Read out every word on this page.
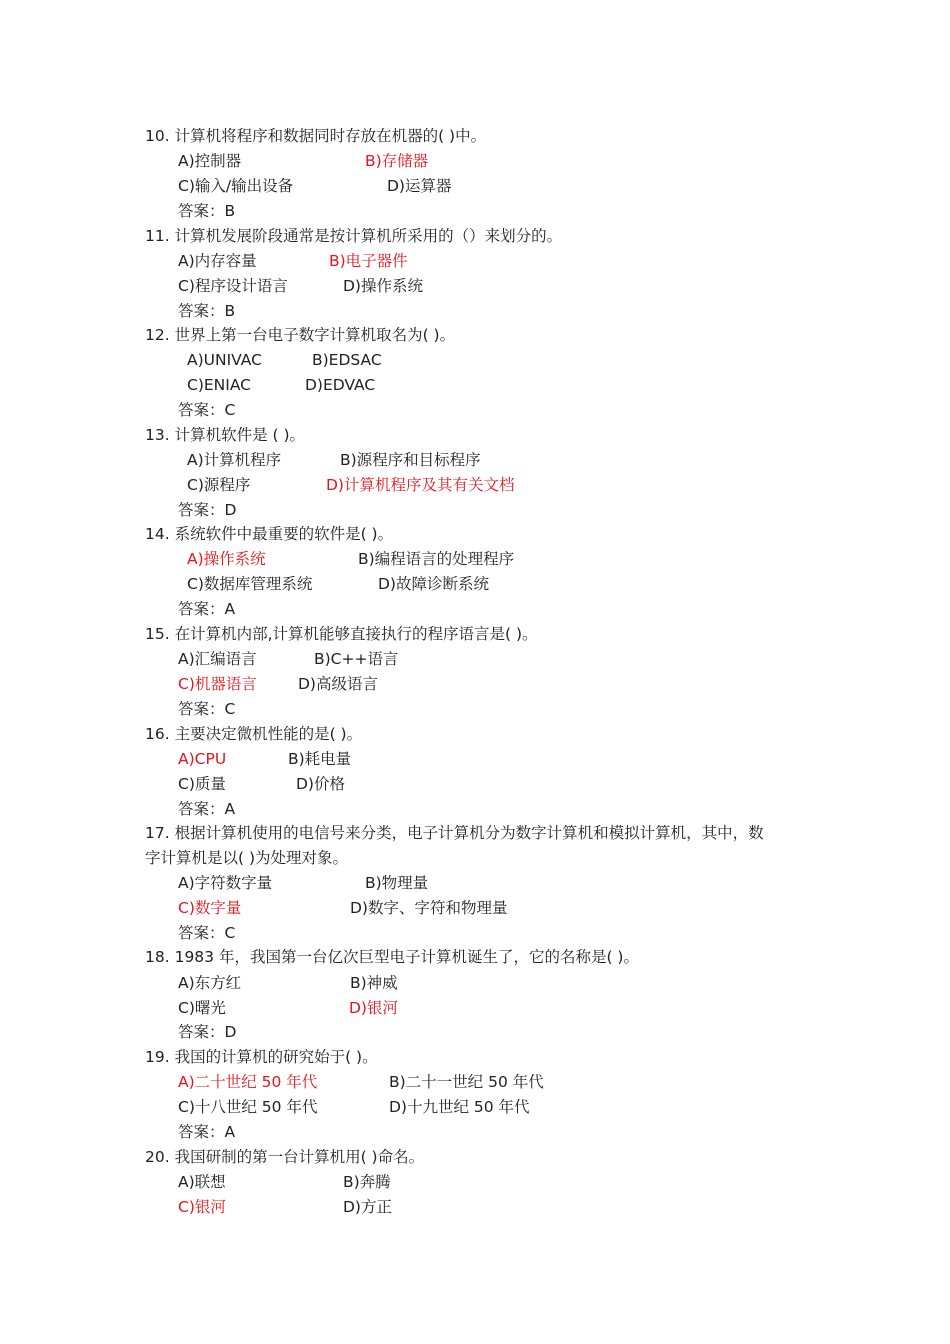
10. 计算机将程序和数据同时存放在机器的( )中。
A)控制器	B)存储器
C)输入/输出设备	D)运算器
答案：B
11. 计算机发展阶段通常是按计算机所采用的（）来划分的。
A)内存容量	B)电子器件
C)程序设计语言	D)操作系统
答案：B
12. 世界上第一台电子数字计算机取名为( )。
A)UNIVAC	B)EDSAC
C)ENIAC	D)EDVAC
答案：C
13. 计算机软件是 ( )。
A)计算机程序	B)源程序和目标程序
C)源程序	D)计算机程序及其有关文档
答案：D
14. 系统软件中最重要的软件是( )。
A)操作系统	B)编程语言的处理程序
C)数据库管理系统	D)故障诊断系统
答案：A
15. 在计算机内部,计算机能够直接执行的程序语言是( )。
A)汇编语言	B)C++语言
C)机器语言	D)高级语言
答案：C
16. 主要决定微机性能的是( )。
A)CPU	B)耗电量
C)质量	D)价格
答案：A
17. 根据计算机使用的电信号来分类，电子计算机分为数字计算机和模拟计算机，其中，数
字计算机是以( )为处理对象。
A)字符数字量	B)物理量
C)数字量	D)数字、字符和物理量
答案：C
18. 1983 年，我国第一台亿次巨型电子计算机诞生了，它的名称是( )。
A)东方红	B)神威
C)曙光	D)银河
答案：D
19. 我国的计算机的研究始于( )。
A)二十世纪 50 年代	B)二十一世纪 50 年代
C)十八世纪 50 年代	D)十九世纪 50 年代
答案：A
20. 我国研制的第一台计算机用( )命名。
A)联想	B)奔腾
C)银河	D)方正
